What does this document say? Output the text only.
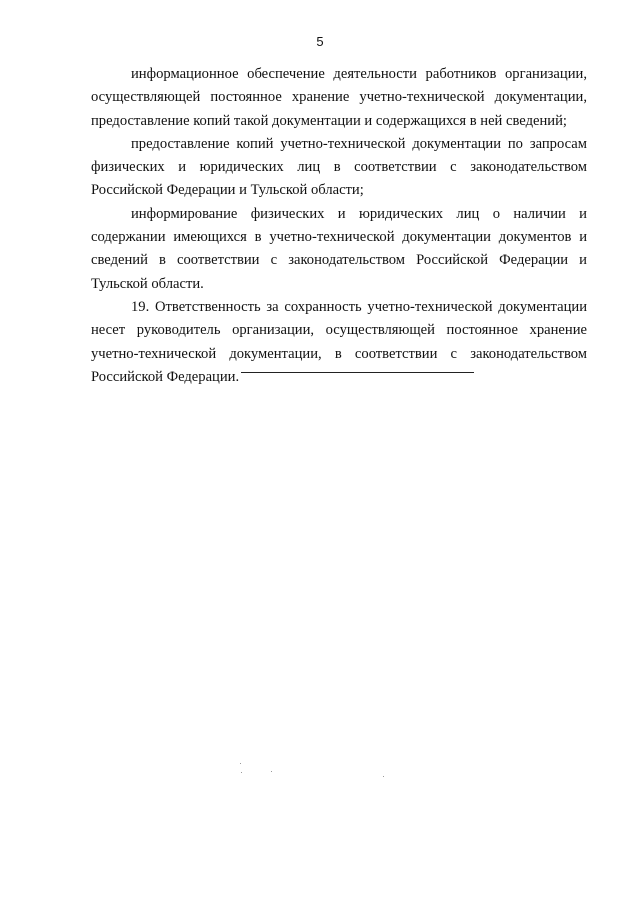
5

информационное обеспечение деятельности работников организации, осуществляющей постоянное хранение учетно-технической документации, предоставление копий такой документации и содержащихся в ней сведений;

предоставление копий учетно-технической документации по запросам физических и юридических лиц в соответствии с законодательством Российской Федерации и Тульской области;

информирование физических и юридических лиц о наличии и содержании имеющихся в учетно-технической документации документов и сведений в соответствии с законодательством Российской Федерации и Тульской области.

19. Ответственность за сохранность учетно-технической документации несет руководитель организации, осуществляющей постоянное хранение учетно-технической документации, в соответствии с законодательством Российской Федерации.
